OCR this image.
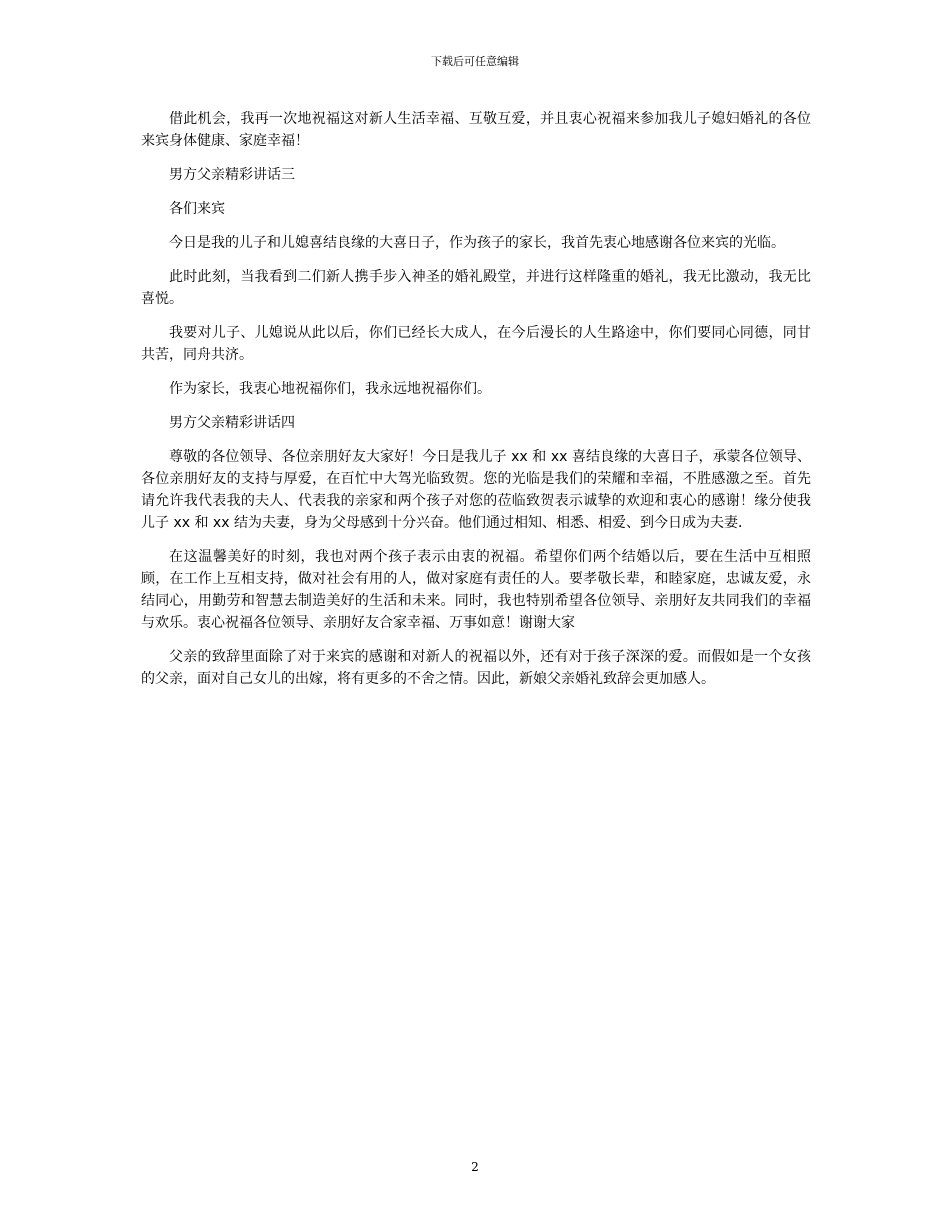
下载后可任意编辑

借此机会，我再一次地祝福这对新人生活幸福、互敬互爱，并且衷心祝福来参加我儿子媳妇婚礼的各位来宾身体健康、家庭幸福！

男方父亲精彩讲话三

各们来宾

今日是我的儿子和儿媳喜结良缘的大喜日子，作为孩子的家长，我首先衷心地感谢各位来宾的光临。

此时此刻，当我看到二们新人携手步入神圣的婚礼殿堂，并进行这样隆重的婚礼，我无比激动，我无比喜悦。

我要对儿子、儿媳说从此以后，你们已经长大成人，在今后漫长的人生路途中，你们要同心同德，同甘共苦，同舟共济。

作为家长，我衷心地祝福你们，我永远地祝福你们。

男方父亲精彩讲话四

尊敬的各位领导、各位亲朋好友大家好！今日是我儿子 xx 和 xx 喜结良缘的大喜日子，承蒙各位领导、各位亲朋好友的支持与厚爱，在百忙中大驾光临致贺。您的光临是我们的荣耀和幸福，不胜感激之至。首先请允许我代表我的夫人、代表我的亲家和两个孩子对您的莅临致贺表示诚挚的欢迎和衷心的感谢！缘分使我儿子 xx 和 xx 结为夫妻，身为父母感到十分兴奋。他们通过相知、相悉、相爱、到今日成为夫妻．

在这温馨美好的时刻，我也对两个孩子表示由衷的祝福。希望你们两个结婚以后，要在生活中互相照顾，在工作上互相支持，做对社会有用的人，做对家庭有责任的人。要孝敬长辈，和睦家庭，忠诚友爱，永结同心，用勤劳和智慧去制造美好的生活和未来。同时，我也特别希望各位领导、亲朋好友共同我们的幸福与欢乐。衷心祝福各位领导、亲朋好友合家幸福、万事如意！谢谢大家

父亲的致辞里面除了对于来宾的感谢和对新人的祝福以外，还有对于孩子深深的爱。而假如是一个女孩的父亲，面对自己女儿的出嫁，将有更多的不舍之情。因此，新娘父亲婚礼致辞会更加感人。

2
